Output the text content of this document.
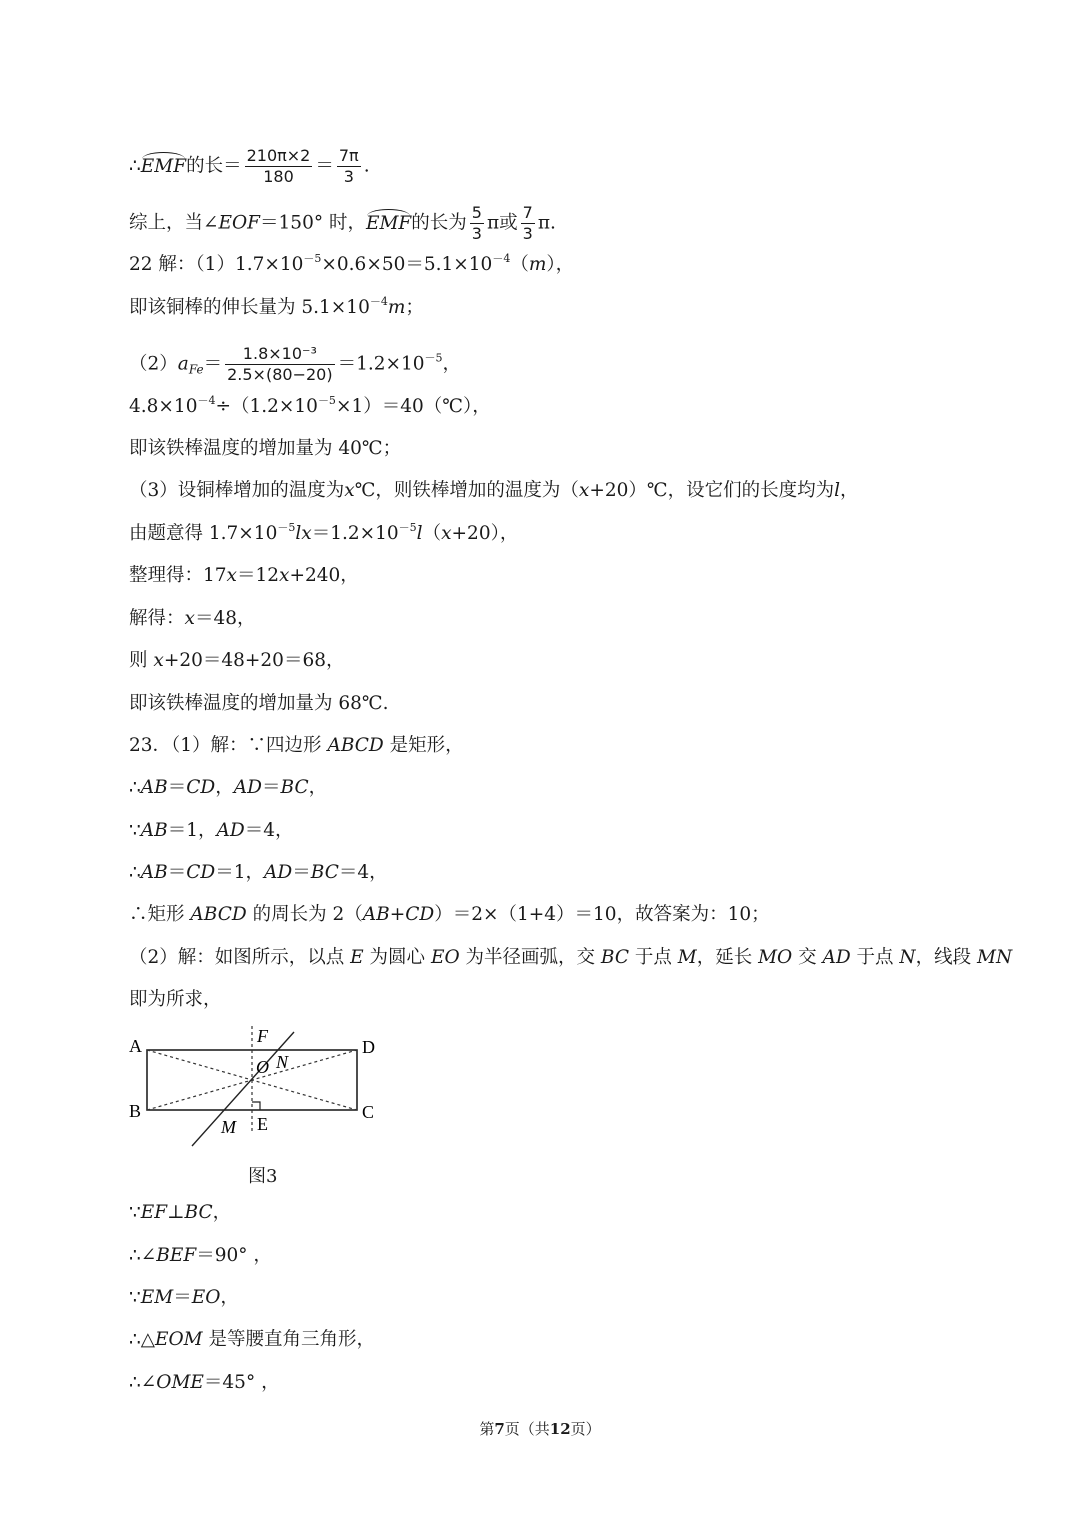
∴EMF的长＝ $\frac{210\pi\times 2}{180} = \frac{7\pi}{3}$ .
综上，当∠EOF＝150° 时，EMF的长为 $\frac{5}{3}$ π或 $\frac{7}{3} \pi$.
22 解：$(1)1.7\times 10^{-5}\times 0.6\times 50=5.1\times 10^{-4}(m)$，
即该铜棒的伸长量为 $5.1\times 10^{-4}m$；
$(2)a_{Fe}= \frac{\text{1.8×10⁻³}}{2.5\times(80-20)} =1.2\times 10^{-5}$，
$4.8\times 10^{-4}\div(1.2\times 10^{-5}\times 1)=40(℃)$，
即该铁棒温度的增加量为 40℃；
（3）设铜棒增加的温度为x℃，则铁棒增加的温度为（x+20）℃，设它们的长度均为l，
由题意得 $1.7\times 10^{-5}lx=1.2\times 10^{-5}l(x+20)$，
整理得：17x＝12x+240，
解得：x＝48，
则 x+20＝48+20＝68，
即该铁棒温度的增加量为 68℃.
23．（1）解：∵四边形 ABCD 是矩形，
∴AB＝CD，AD＝BC，
∵AB＝1，AD＝4，
∴AB＝CD＝1，AD＝BC＝4，
∴矩形 ABCD 的周长为 2（AB+CD）＝2×（1+4）＝10，故答案为：10；
（2）解：如图所示，以点 E 为圆心 EO 为半径画弧，交 BC 于点 M，延长 MO 交 AD 于点 N，线段 MN
即为所求，
A
B	C
D
E
F
O N
M
图3
∵EF⊥BC，
∴∠BEF＝90° ，
∵EM＝EO，
∴△EOM 是等腰直角三角形，
∴∠OME＝45° ，
第7页（共12页）
